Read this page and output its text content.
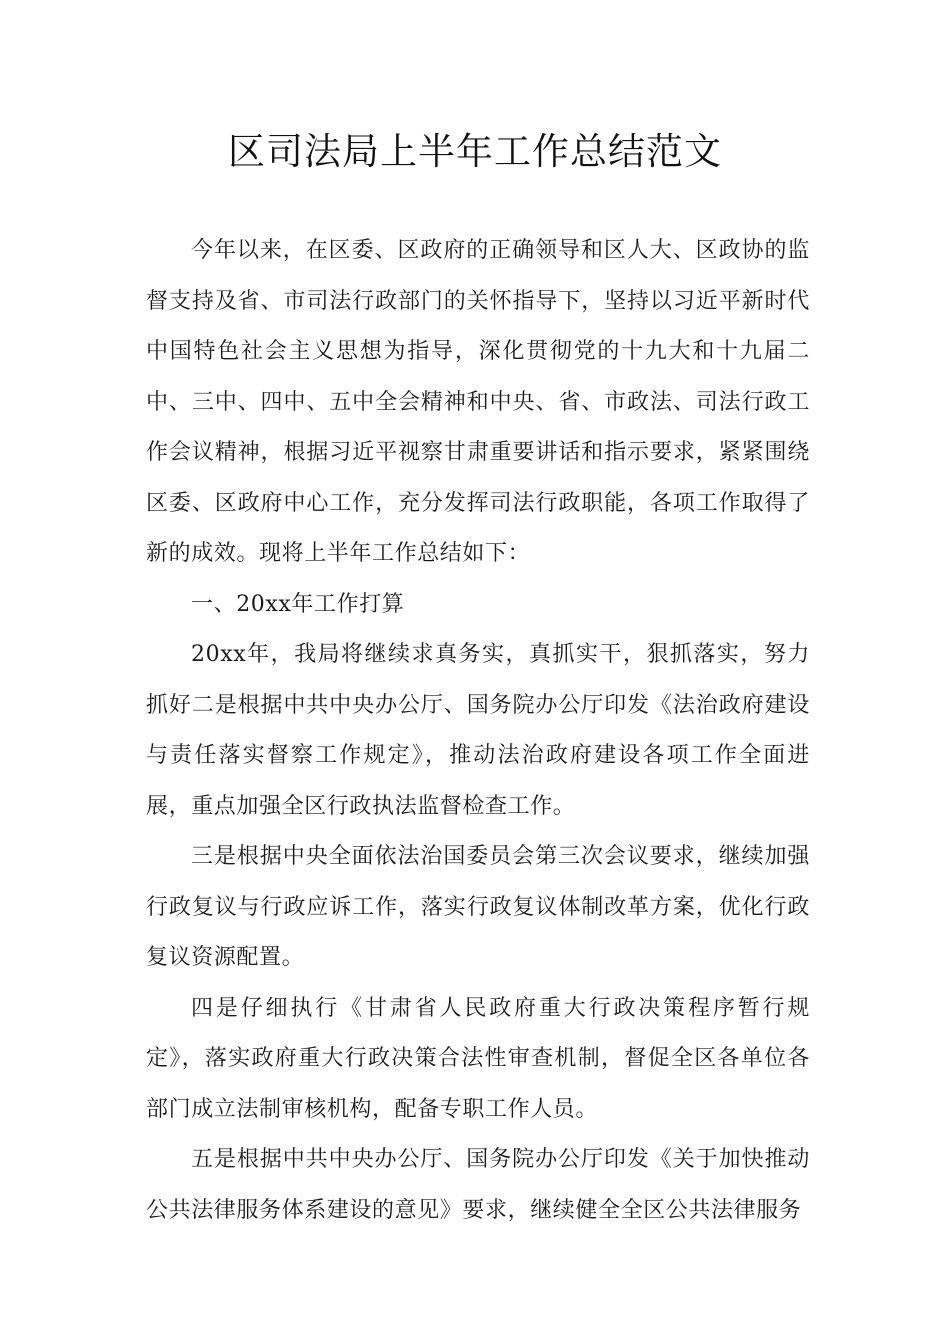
区司法局上半年工作总结范文

今年以来，在区委、区政府的正确领导和区人大、区政协的监督支持及省、市司法行政部门的关怀指导下，坚持以习近平新时代中国特色社会主义思想为指导，深化贯彻党的十九大和十九届二中、三中、四中、五中全会精神和中央、省、市政法、司法行政工作会议精神，根据习近平视察甘肃重要讲话和指示要求，紧紧围绕区委、区政府中心工作，充分发挥司法行政职能，各项工作取得了新的成效。现将上半年工作总结如下：

一、20xx年工作打算

20xx年，我局将继续求真务实，真抓实干，狠抓落实，努力抓好二是根据中共中央办公厅、国务院办公厅印发《法治政府建设与责任落实督察工作规定》，推动法治政府建设各项工作全面进展，重点加强全区行政执法监督检查工作。

三是根据中央全面依法治国委员会第三次会议要求，继续加强行政复议与行政应诉工作，落实行政复议体制改革方案，优化行政复议资源配置。

四是仔细执行《甘肃省人民政府重大行政决策程序暂行规定》，落实政府重大行政决策合法性审查机制，督促全区各单位各部门成立法制审核机构，配备专职工作人员。

五是根据中共中央办公厅、国务院办公厅印发《关于加快推动公共法律服务体系建设的意见》要求，继续健全全区公共法律服务
